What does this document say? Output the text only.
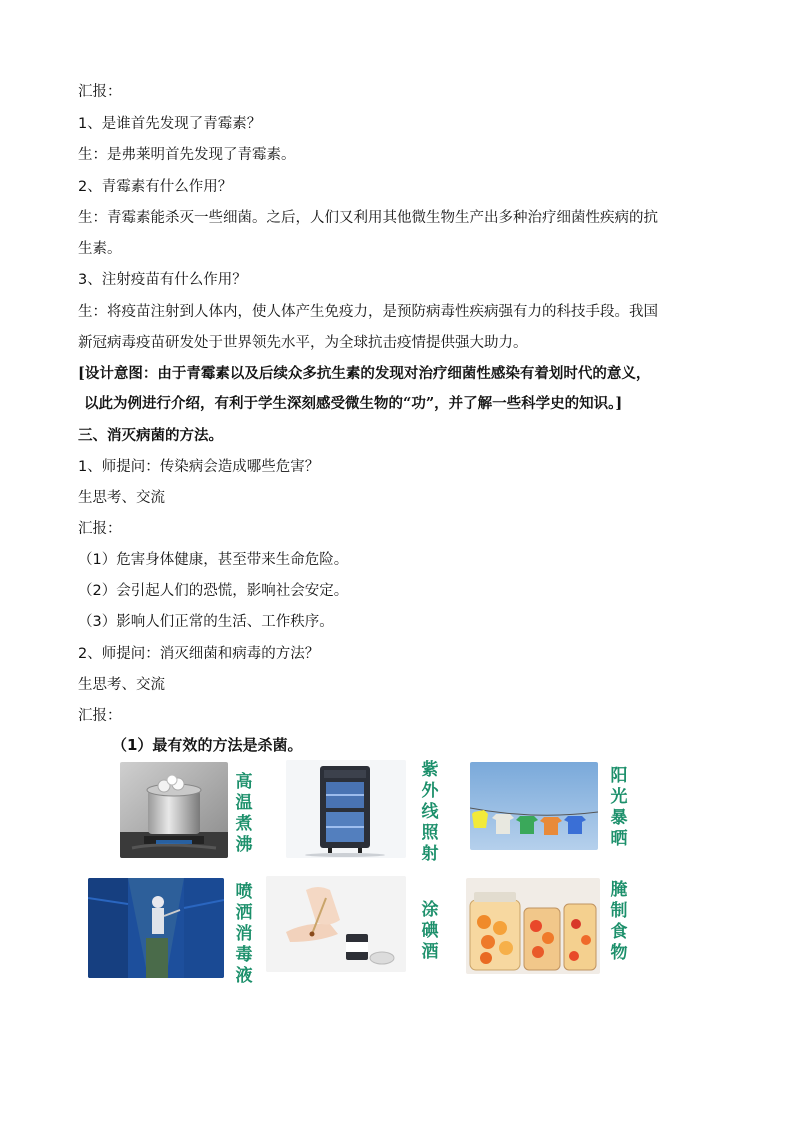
汇报：
1、是谁首先发现了青霉素？
生：是弗莱明首先发现了青霉素。
2、青霉素有什么作用？
生：青霉素能杀灭一些细菌。之后，人们又利用其他微生物生产出多种治疗细菌性疾病的抗
生素。
3、注射疫苗有什么作用？
生：将疫苗注射到人体内，使人体产生免疫力，是预防病毒性疾病强有力的科技手段。我国
新冠病毒疫苗研发处于世界领先水平，为全球抗击疫情提供强大助力。
[设计意图：由于青霉素以及后续众多抗生素的发现对治疗细菌性感染有着划时代的意义，
以此为例进行介绍，有利于学生深刻感受微生物的“功”，并了解一些科学史的知识。]
三、消灭病菌的方法。
1、师提问：传染病会造成哪些危害？
生思考、交流
汇报：
（1）危害身体健康，甚至带来生命危险。
（2）会引起人们的恐慌，影响社会安定。
（3）影响人们正常的生活、工作秩序。
2、师提问：消灭细菌和病毒的方法？
生思考、交流
汇报：
（1）最有效的方法是杀菌。
高温煮沸
紫外线照射
阳光暴晒
喷洒消毒液
涂碘酒
腌制食物
